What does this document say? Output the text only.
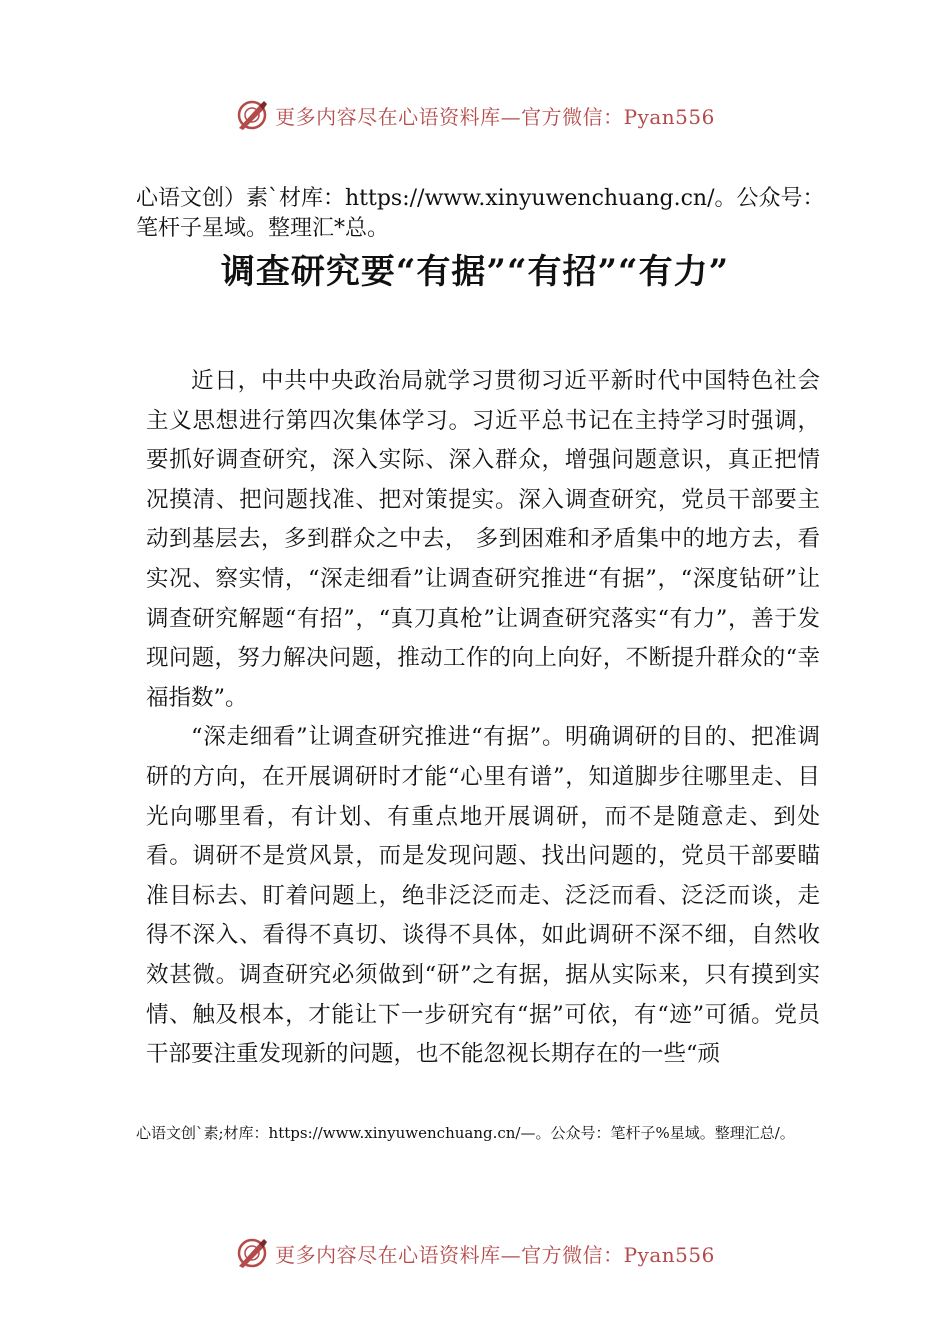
更多内容尽在心语资料库—官方微信：Pyan556

心语文创）素`材库：https://www.xinyuwenchuang.cn/。公众号：笔杆子星域。整理汇*总。

调查研究要“有据”“有招”“有力”

近日，中共中央政治局就学习贯彻习近平新时代中国特色社会主义思想进行第四次集体学习。习近平总书记在主持学习时强调，要抓好调查研究，深入实际、深入群众，增强问题意识，真正把情况摸清、把问题找准、把对策提实。深入调查研究，党员干部要主动到基层去，多到群众之中去， 多到困难和矛盾集中的地方去，看实况、察实情，“深走细看”让调查研究推进“有据”，“深度钻研”让调查研究解题“有招”，“真刀真枪”让调查研究落实“有力”，善于发现问题，努力解决问题，推动工作的向上向好，不断提升群众的“幸福指数”。

“深走细看”让调查研究推进“有据”。明确调研的目的、把准调研的方向，在开展调研时才能“心里有谱”，知道脚步往哪里走、目光向哪里看，有计划、有重点地开展调研，而不是随意走、到处看。调研不是赏风景，而是发现问题、找出问题的，党员干部要瞄准目标去、盯着问题上，绝非泛泛而走、泛泛而看、泛泛而谈，走得不深入、看得不真切、谈得不具体，如此调研不深不细，自然收效甚微。调查研究必须做到“研”之有据，据从实际来，只有摸到实情、触及根本，才能让下一步研究有“据”可依，有“迹”可循。党员干部要注重发现新的问题，也不能忽视长期存在的一些“顽

心语文创`素;材库：https://www.xinyuwenchuang.cn/—。公众号：笔杆子%星域。整理汇总/。

更多内容尽在心语资料库—官方微信：Pyan556
